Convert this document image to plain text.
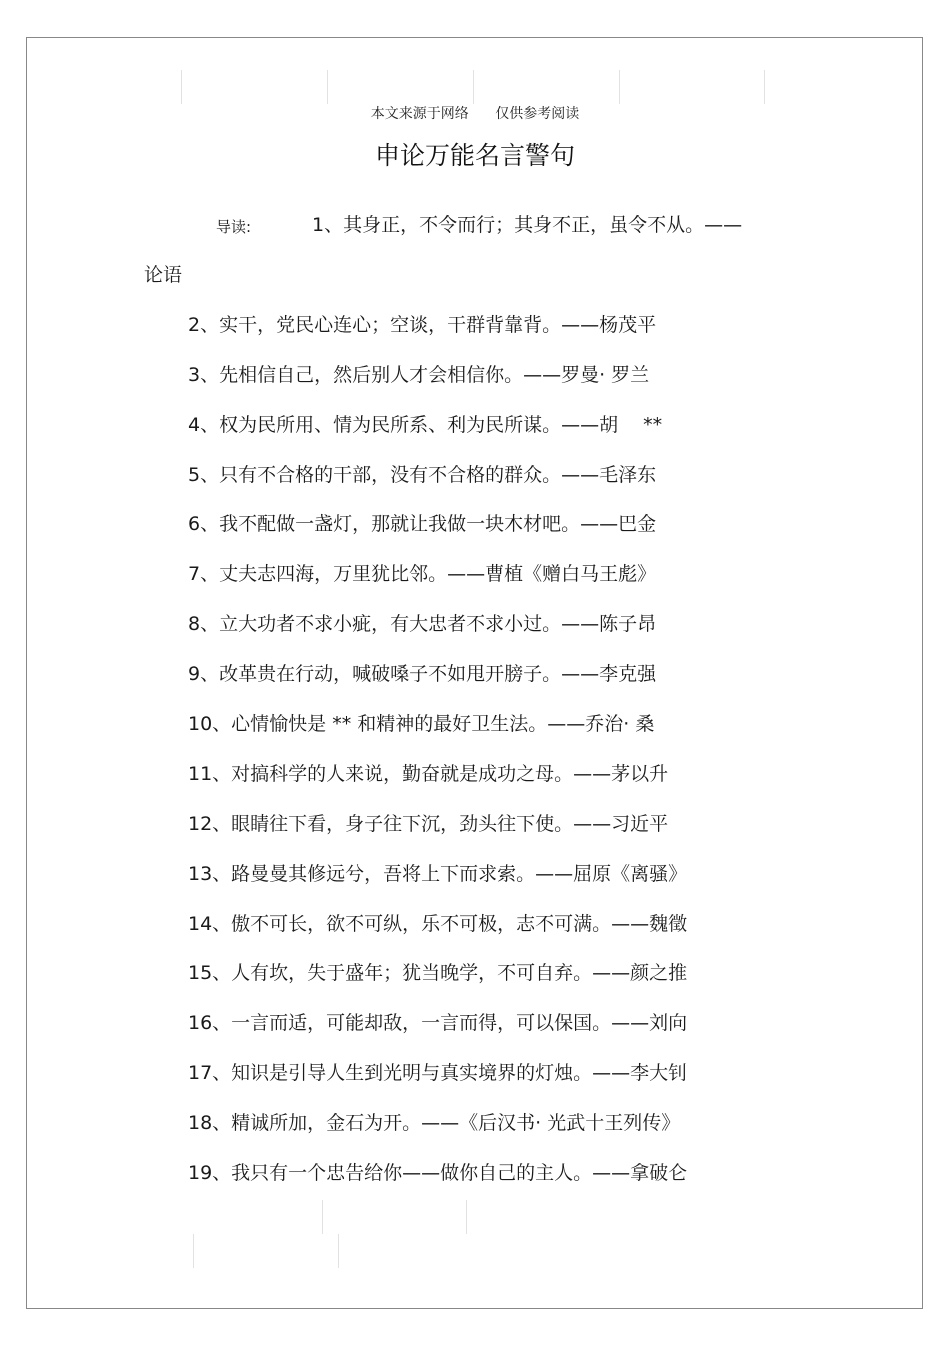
本文来源于网络 仅供参考阅读
申论万能名言警句
导读:	1、其身正，不令而行；其身不正，虽令不从。——
论语
2、实干，党民心连心；空谈，干群背靠背。——杨茂平
3、先相信自己，然后别人才会相信你。——罗曼· 罗兰
4、权为民所用、情为民所系、利为民所谋。——胡　 **
5、只有不合格的干部，没有不合格的群众。——毛泽东
6、我不配做一盏灯，那就让我做一块木材吧。——巴金
7、丈夫志四海，万里犹比邻。——曹植《赠白马王彪》
8、立大功者不求小疵，有大忠者不求小过。——陈子昂
9、改革贵在行动，喊破嗓子不如甩开膀子。——李克强
10、心情愉快是 ** 和精神的最好卫生法。——乔治· 桑
11、对搞科学的人来说，勤奋就是成功之母。——茅以升
12、眼睛往下看，身子往下沉，劲头往下使。——习近平
13、路曼曼其修远兮，吾将上下而求索。——屈原《离骚》
14、傲不可长，欲不可纵，乐不可极，志不可满。——魏徵
15、人有坎，失于盛年；犹当晚学，不可自弃。——颜之推
16、一言而适，可能却敌，一言而得，可以保国。——刘向
17、知识是引导人生到光明与真实境界的灯烛。——李大钊
18、精诚所加，金石为开。——《后汉书· 光武十王列传》
19、我只有一个忠告给你——做你自己的主人。——拿破仑
